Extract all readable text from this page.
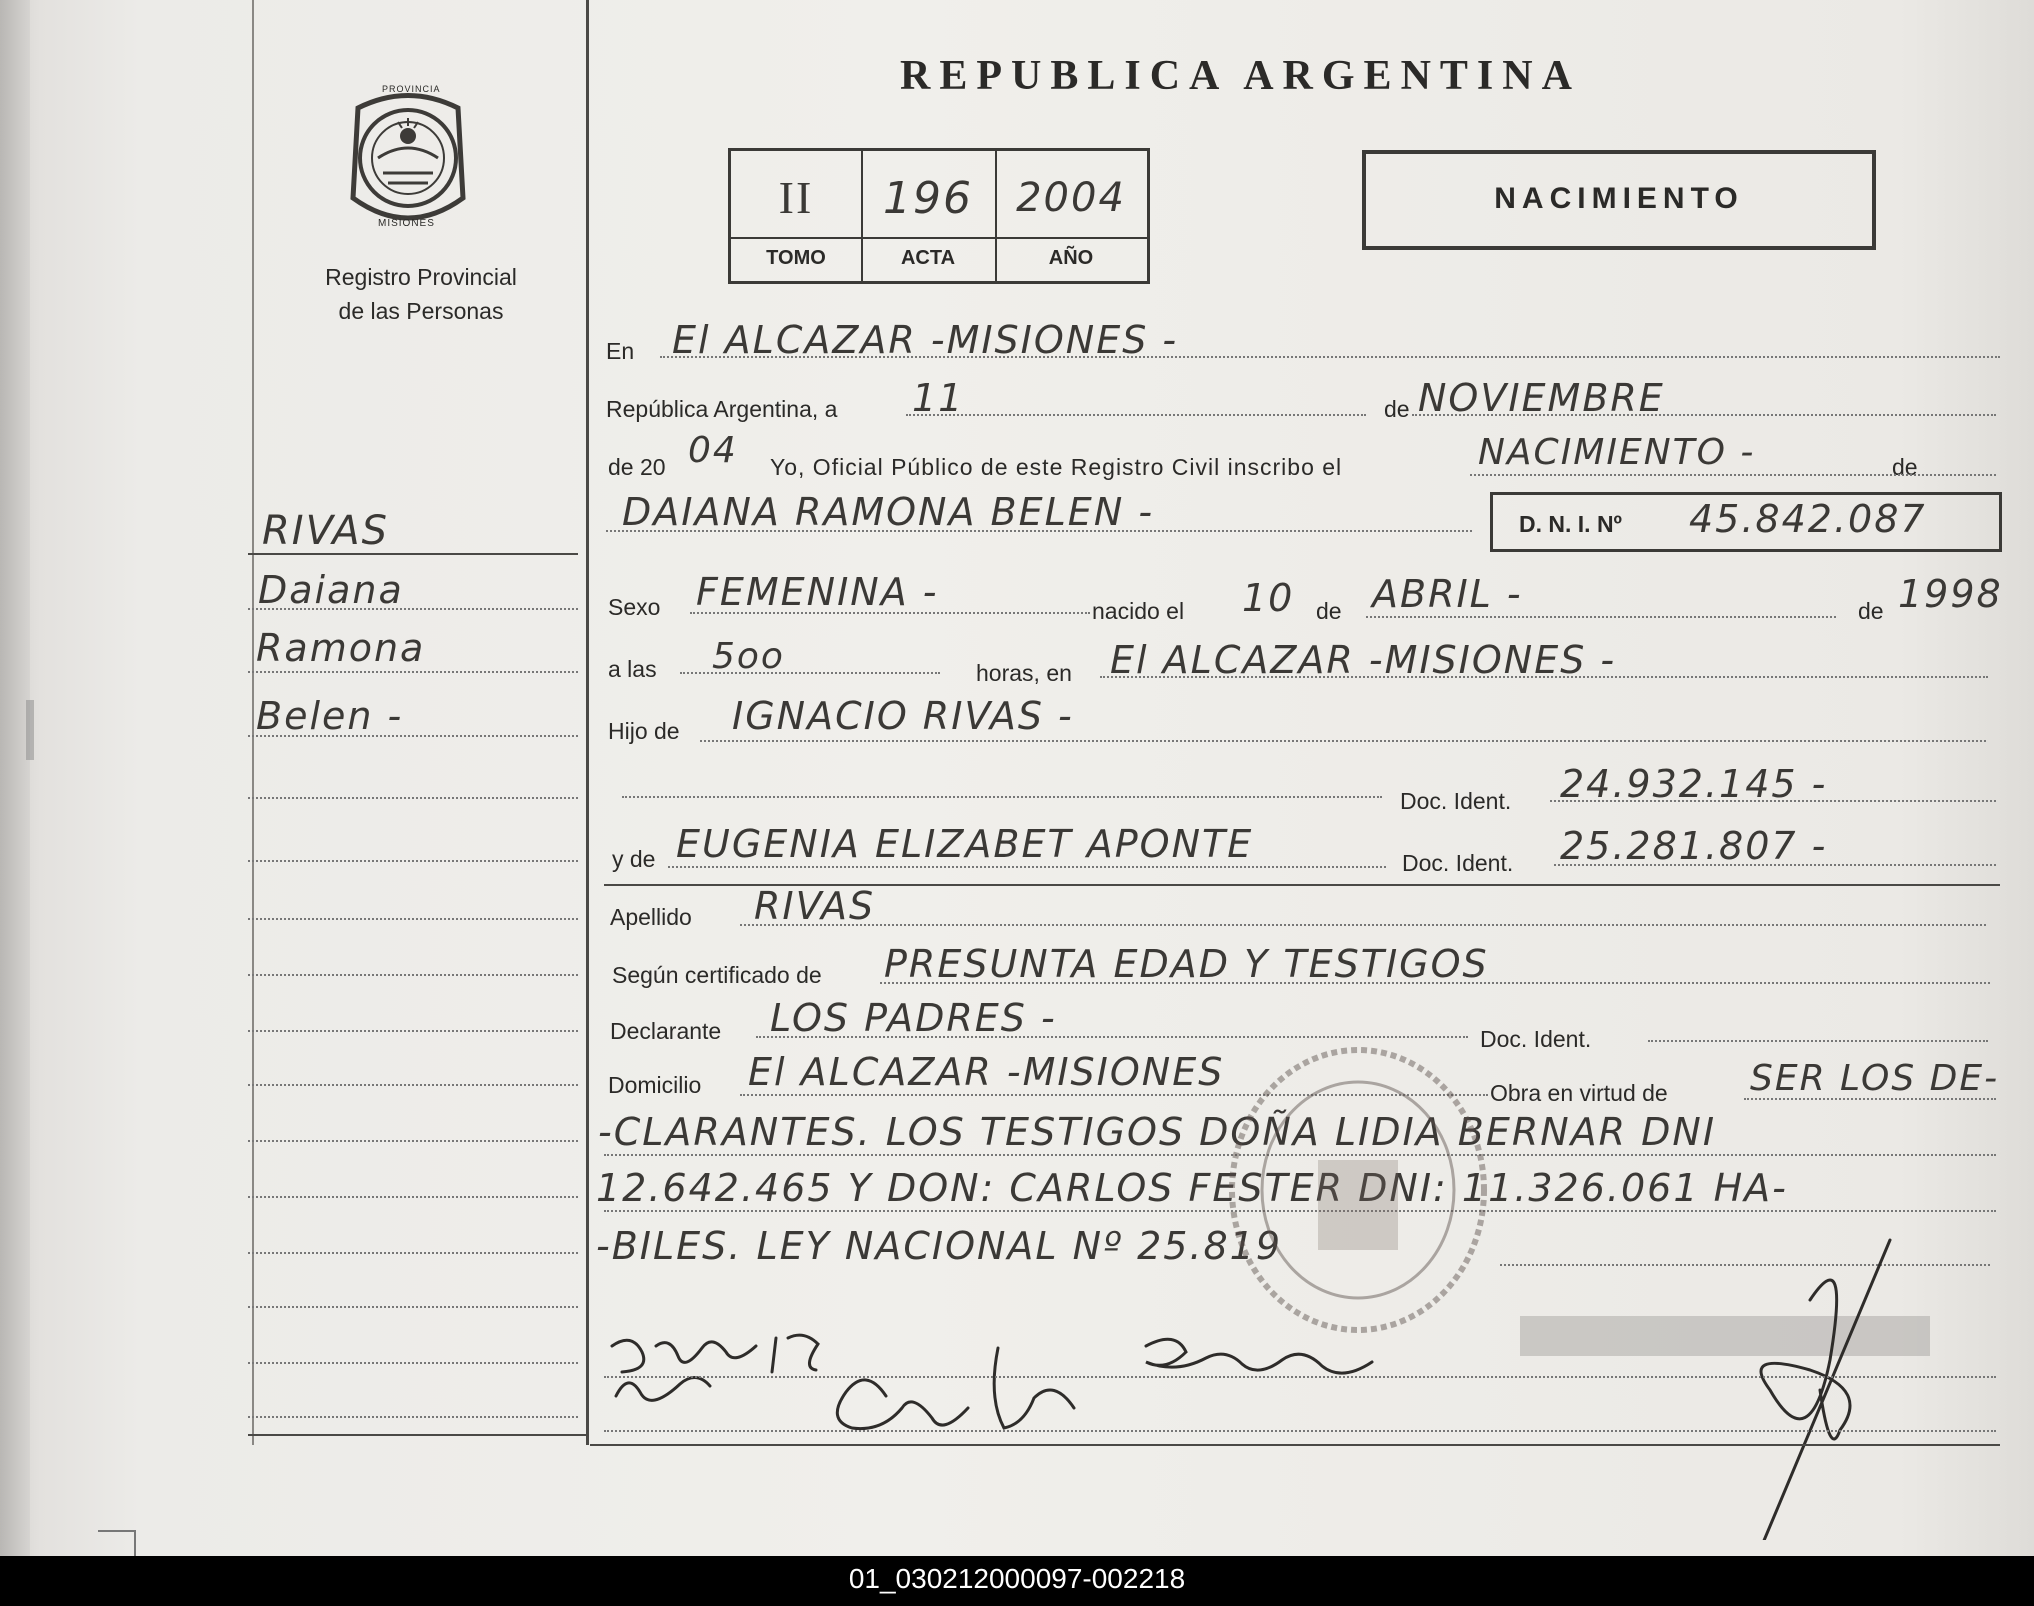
PROVINCIA
MISIONES
Registro Provincial
de las Personas
REPUBLICA ARGENTINA
II	196	2004
TOMO	ACTA	AÑO
NACIMIENTO
RIVAS
Daiana
Ramona
Belen -
En El ALCAZAR -MISIONES -
República Argentina, a 11	de NOVIEMBRE
de 20 04 Yo, Oficial Público de este Registro Civil inscribo el	NACIMIENTO -	de
DAIANA RAMONA BELEN -	D. N. I. Nº 45.842.087
Sexo FEMENINA -	nacido el 10 de ABRIL -	de 1998
a las 5oo	horas, en El ALCAZAR -MISIONES -
Hijo de IGNACIO RIVAS -
Doc. Ident. 24.932.145 -
y de EUGENIA ELIZABET APONTE	Doc. Ident. 25.281.807 -
Apellido RIVAS
Según certificado de PRESUNTA EDAD Y TESTIGOS
Declarante LOS PADRES -	Doc. Ident.
Domicilio El ALCAZAR -MISIONES	Obra en virtud de SER LOS DE-
-CLARANTES. LOS TESTIGOS DOÑA LIDIA BERNAR DNI
12.642.465 Y DON: CARLOS FESTER DNI: 11.326.061 HA-
-BILES. LEY NACIONAL Nº 25.819
01_030212000097-002218
